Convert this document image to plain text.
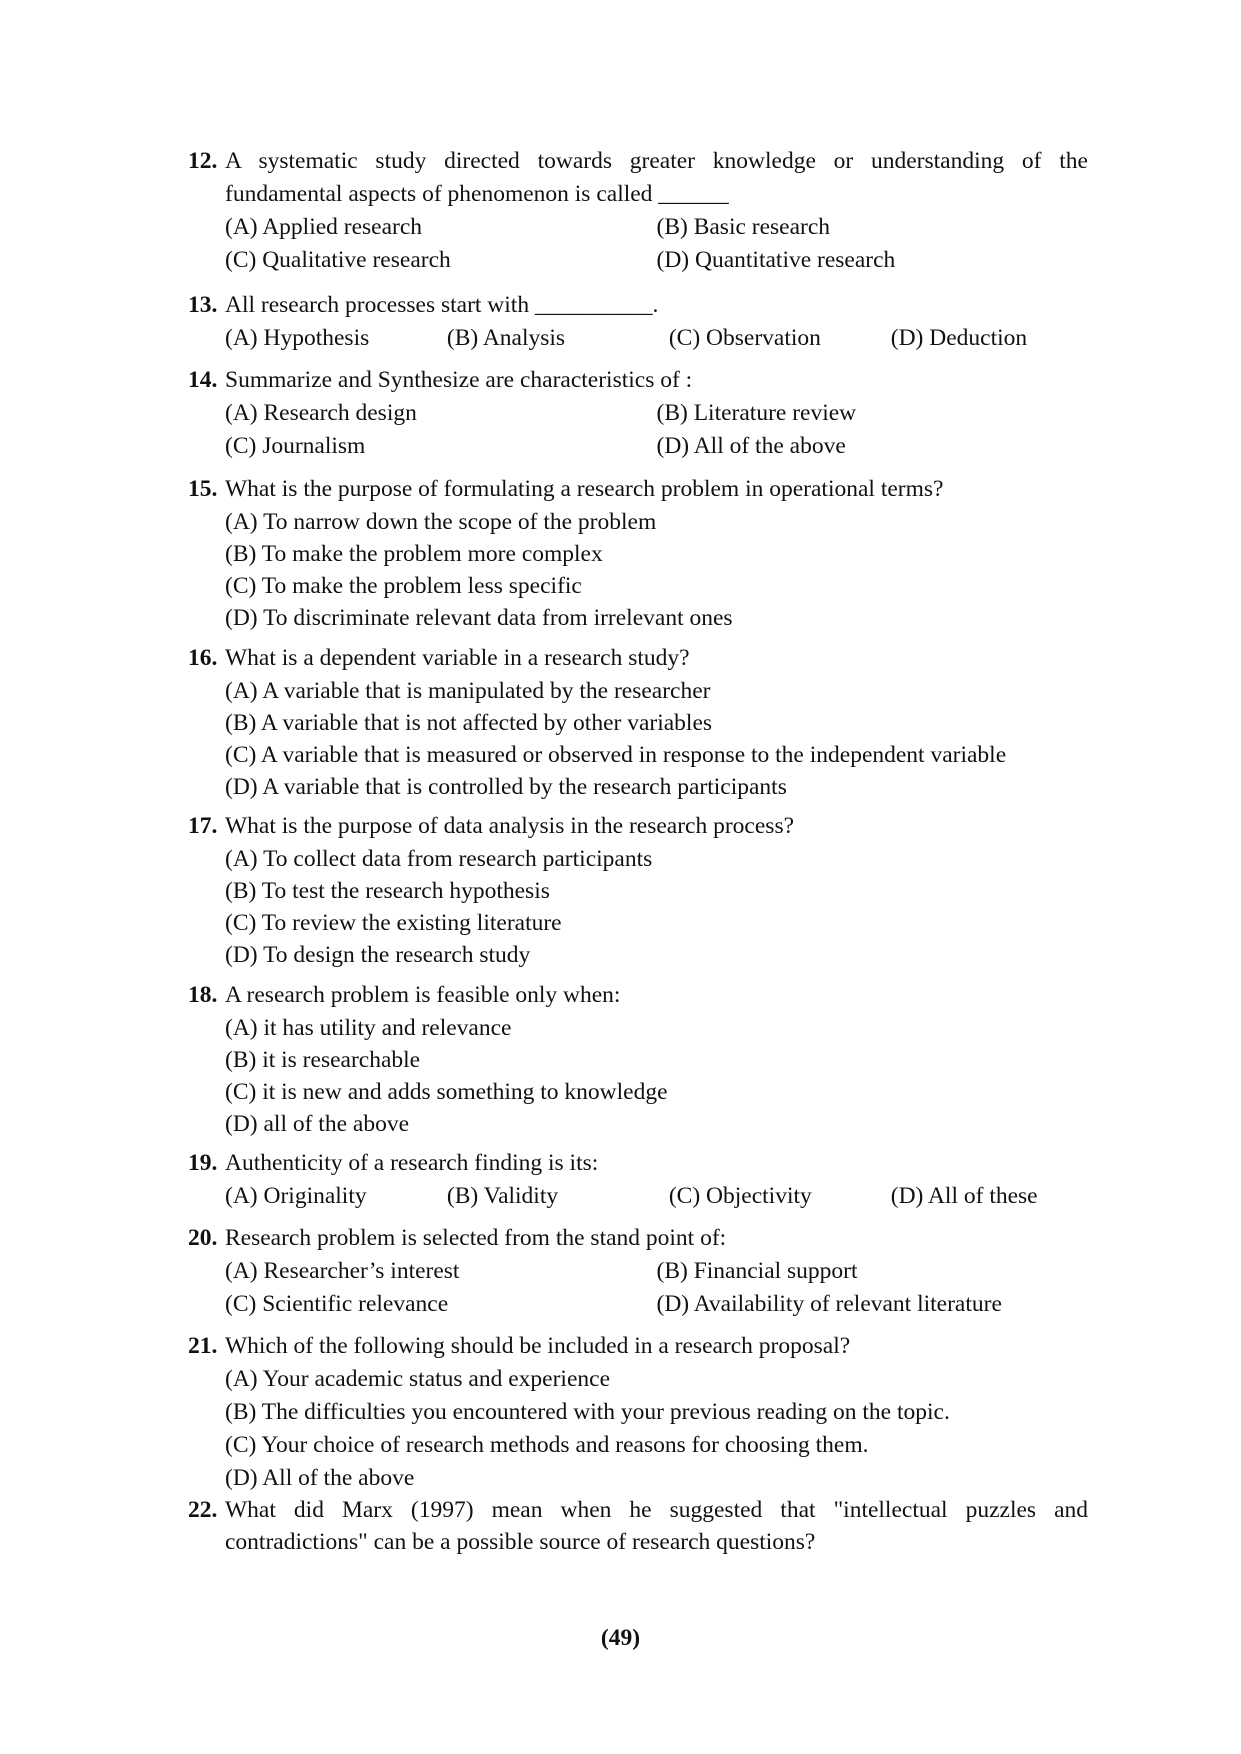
12. A systematic study directed towards greater knowledge or understanding of the fundamental aspects of phenomenon is called ______
(A) Applied research	(B) Basic research
(C) Qualitative research	(D) Quantitative research
13. All research processes start with __________.
(A) Hypothesis	(B) Analysis	(C) Observation	(D) Deduction
14. Summarize and Synthesize are characteristics of :
(A) Research design	(B) Literature review
(C) Journalism	(D) All of the above
15. What is the purpose of formulating a research problem in operational terms?
(A) To narrow down the scope of the problem
(B) To make the problem more complex
(C) To make the problem less specific
(D) To discriminate relevant data from irrelevant ones
16. What is a dependent variable in a research study?
(A) A variable that is manipulated by the researcher
(B) A variable that is not affected by other variables
(C) A variable that is measured or observed in response to the independent variable
(D) A variable that is controlled by the research participants
17. What is the purpose of data analysis in the research process?
(A) To collect data from research participants
(B) To test the research hypothesis
(C) To review the existing literature
(D) To design the research study
18. A research problem is feasible only when:
(A) it has utility and relevance
(B) it is researchable
(C) it is new and adds something to knowledge
(D) all of the above
19. Authenticity of a research finding is its:
(A) Originality	(B) Validity	(C) Objectivity	(D) All of these
20. Research problem is selected from the stand point of:
(A) Researcher’s interest	(B) Financial support
(C) Scientific relevance	(D) Availability of relevant literature
21. Which of the following should be included in a research proposal?
(A) Your academic status and experience
(B) The difficulties you encountered with your previous reading on the topic.
(C) Your choice of research methods and reasons for choosing them.
(D) All of the above
22. What did Marx (1997) mean when he suggested that "intellectual puzzles and contradictions" can be a possible source of research questions?
(49)
